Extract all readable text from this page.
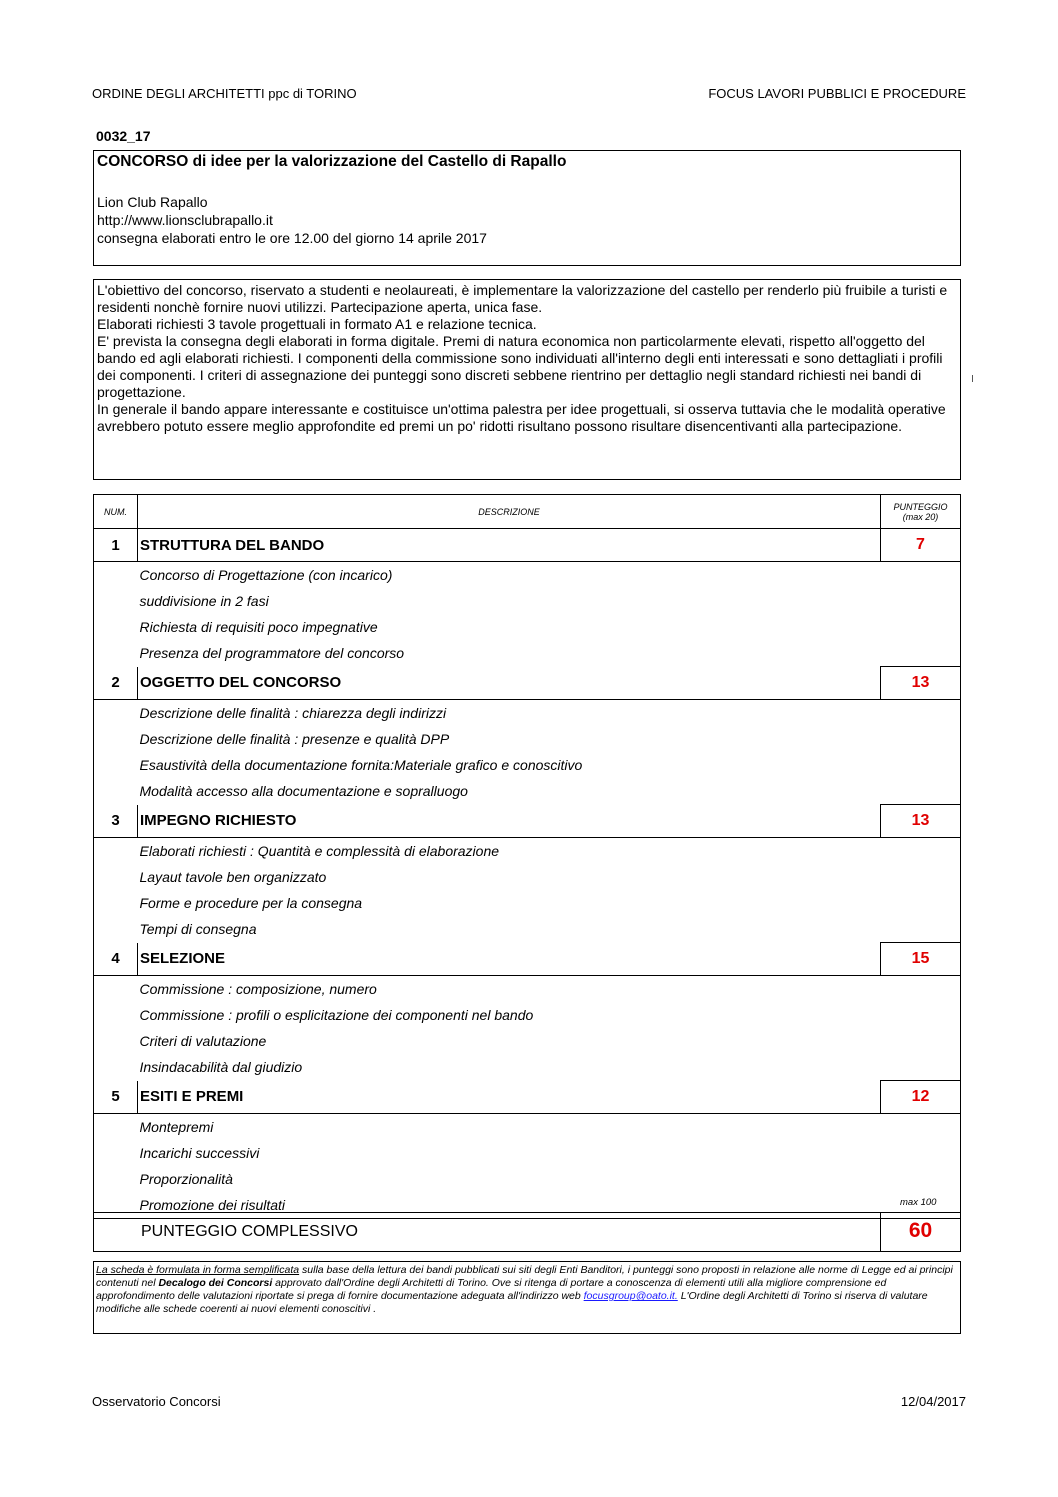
ORDINE DEGLI ARCHITETTI ppc di TORINO	FOCUS LAVORI PUBBLICI E PROCEDURE
0032_17
CONCORSO di idee per la valorizzazione del Castello di Rapallo
Lion Club Rapallo
http://www.lionsclubrapallo.it
consegna elaborati entro le ore 12.00 del giorno 14 aprile 2017

L'obiettivo del concorso, riservato a studenti e neolaureati, è implementare la valorizzazione del castello per renderlo più fruibile a turisti e residenti nonchè fornire nuovi utilizzi. Partecipazione aperta, unica fase.

Elaborati richiesti 3 tavole progettuali in formato A1 e relazione tecnica.

E' prevista la consegna degli elaborati in forma digitale. Premi di natura economica non particolarmente elevati, rispetto all'oggetto del bando ed agli elaborati richiesti. I componenti della commissione sono individuati all'interno degli enti interessati e sono dettagliati i profili dei componenti. I criteri di assegnazione dei punteggi sono discreti sebbene rientrino per dettaglio negli standard richiesti nei bandi di progettazione.

In generale il bando appare interessante e costituisce un'ottima palestra per idee progettuali, si osserva tuttavia che le modalità operative avrebbero potuto essere meglio approfondite ed premi un po' ridotti risultano possono risultare disencentivanti alla partecipazione.

NUM.	DESCRIZIONE	PUNTEGGIO
(max 20)
1	STRUTTURA DEL BANDO	7
	Concorso di Progettazione (con incarico)	
	suddivisione in 2 fasi	
	Richiesta di requisiti poco impegnative	
	Presenza del programmatore del concorso	
2	OGGETTO DEL CONCORSO	13
	Descrizione delle finalità : chiarezza degli indirizzi	
	Descrizione delle finalità : presenze e qualità DPP	
	Esaustività della documentazione fornita:Materiale grafico e conoscitivo	
	Modalità accesso alla documentazione e sopralluogo	
3	IMPEGNO RICHIESTO	13
	Elaborati richiesti : Quantità e complessità di elaborazione	
	Layaut tavole ben organizzato	
	Forme e procedure per la consegna	
	Tempi di consegna	
4	SELEZIONE	15
	Commissione : composizione, numero	
	Commissione : profili o esplicitazione dei componenti nel bando	
	Criteri di valutazione	
	Insindacabilità dal giudizio	
5	ESITI E PREMI	12
	Montepremi	
	Incarichi successivi	
	Proporzionalità	
	Promozione dei risultati		max 100
PUNTEGGIO COMPLESSIVO	60

La scheda è formulata in forma semplificata sulla base della lettura dei bandi pubblicati sui siti degli Enti Banditori, i punteggi sono proposti in relazione alle norme di Legge ed ai principi contenuti nel Decalogo dei Concorsi approvato dall'Ordine degli Architetti di Torino. Ove si ritenga di portare a conoscenza di elementi utili alla migliore comprensione ed approfondimento delle valutazioni riportate si prega di fornire documentazione adeguata all'indirizzo web focusgroup@oato.it. L'Ordine degli Architetti di Torino si riserva di valutare modifiche alle schede coerenti ai nuovi elementi conoscitivi .

Osservatorio Concorsi	12/04/2017
